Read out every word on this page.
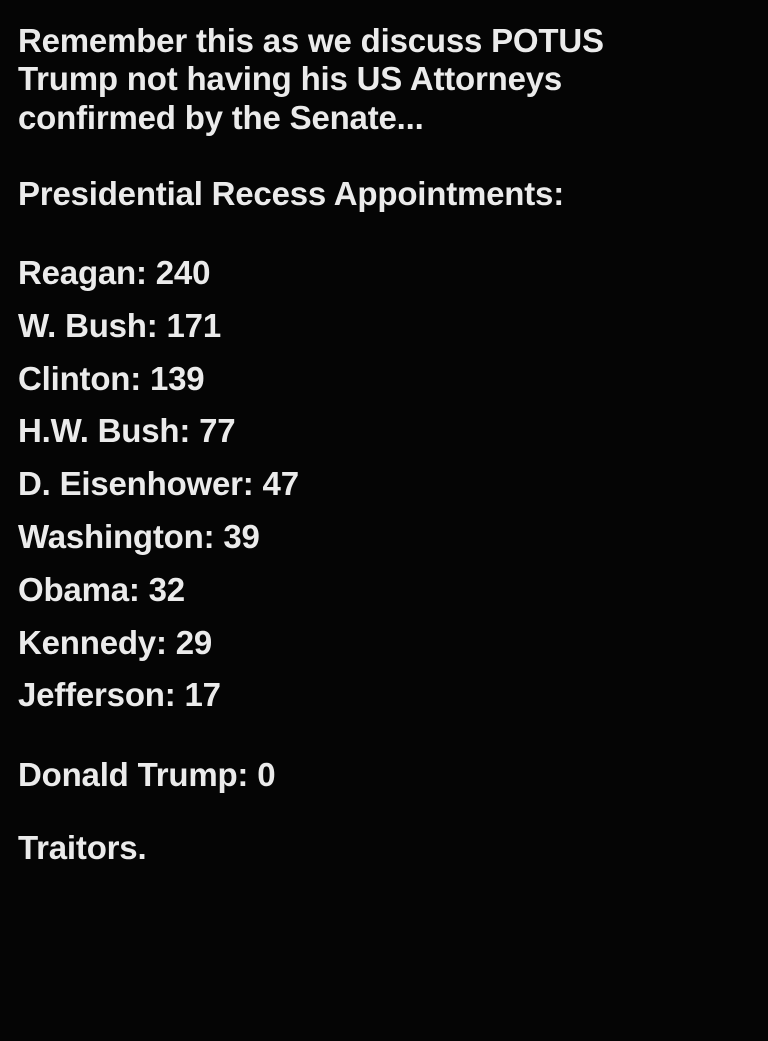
Remember this as we discuss POTUS
Trump not having his US Attorneys
confirmed by the Senate...
Presidential Recess Appointments:
Reagan: 240
W. Bush: 171
Clinton: 139
H.W. Bush: 77
D. Eisenhower: 47
Washington: 39
Obama: 32
Kennedy: 29
Jefferson: 17
Donald Trump: 0
Traitors.
